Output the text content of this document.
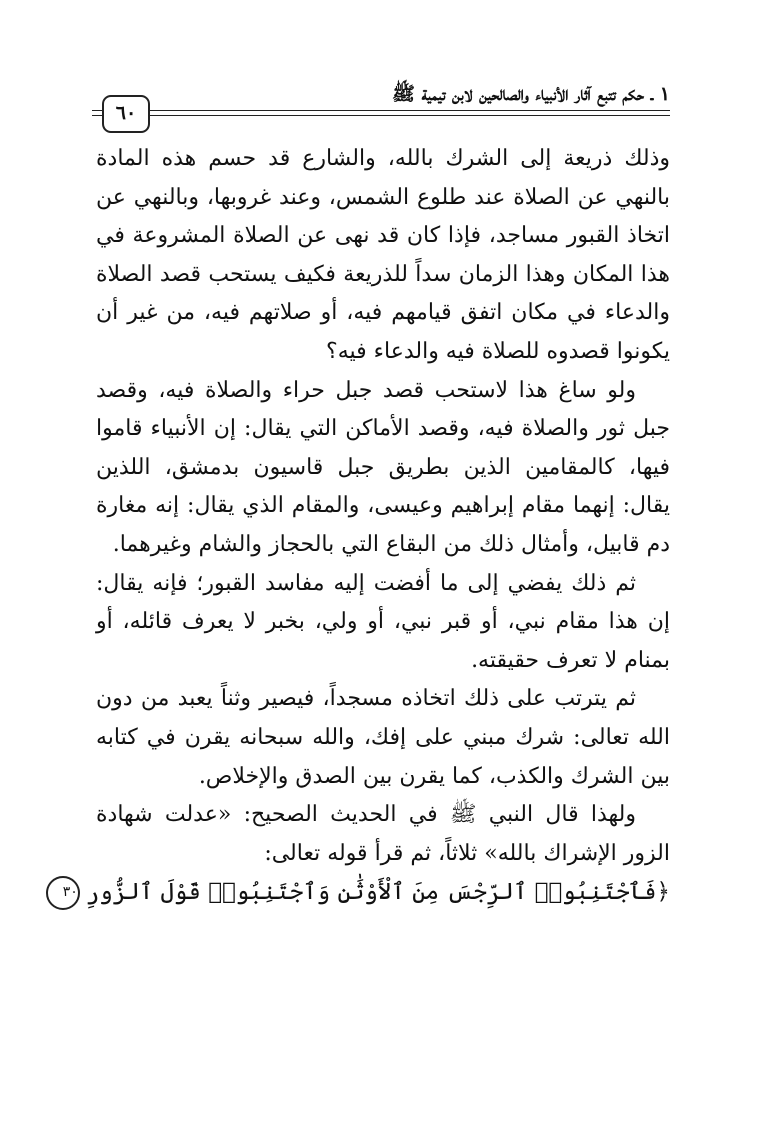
١ ـ حكم تتبع آثار الأنبياء والصالحين لابن تيمية ﷺ
٦٠

وذلك ذريعة إلى الشرك بالله، والشارع قد حسم هذه المادة بالنهي عن الصلاة عند طلوع الشمس، وعند غروبها، وبالنهي عن اتخاذ القبور مساجد، فإذا كان قد نهى عن الصلاة المشروعة في هذا المكان وهذا الزمان سداً للذريعة فكيف يستحب قصد الصلاة والدعاء في مكان اتفق قيامهم فيه، أو صلاتهم فيه، من غير أن يكونوا قصدوه للصلاة فيه والدعاء فيه؟

ولو ساغ هذا لاستحب قصد جبل حراء والصلاة فيه، وقصد جبل ثور والصلاة فيه، وقصد الأماكن التي يقال: إن الأنبياء قاموا فيها، كالمقامين الذين بطريق جبل قاسيون بدمشق، اللذين يقال: إنهما مقام إبراهيم وعيسى، والمقام الذي يقال: إنه مغارة دم قابيل، وأمثال ذلك من البقاع التي بالحجاز والشام وغيرهما.

ثم ذلك يفضي إلى ما أفضت إليه مفاسد القبور؛ فإنه يقال: إن هذا مقام نبي، أو قبر نبي، أو ولي، بخبر لا يعرف قائله، أو بمنام لا تعرف حقيقته.

ثم يترتب على ذلك اتخاذه مسجداً، فيصير وثناً يعبد من دون الله تعالى: شرك مبني على إفك، والله سبحانه يقرن في كتابه بين الشرك والكذب، كما يقرن بين الصدق والإخلاص.

ولهذا قال النبي ﷺ في الحديث الصحيح: «عدلت شهادة الزور الإشراك بالله» ثلاثاً، ثم قرأ قوله تعالى:

﴿فَٱجْتَنِبُوا۟ ٱلرِّجْسَ مِنَ ٱلْأَوْثَٰنِ وَٱجْتَنِبُوا۟ قَوْلَ ٱلزُّورِ٣٠
